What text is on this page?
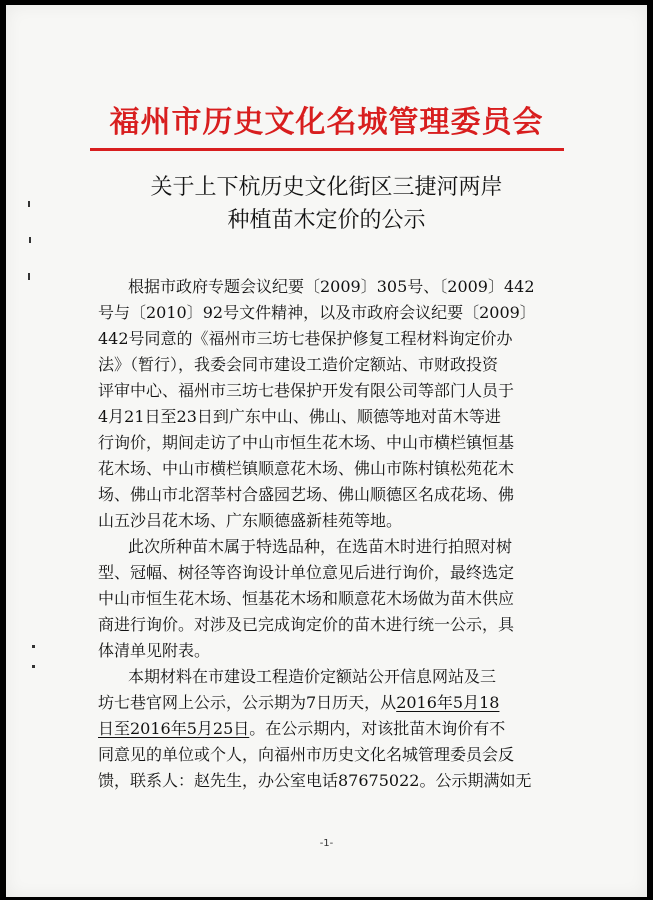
福州市历史文化名城管理委员会
关于上下杭历史文化街区三捷河两岸
种植苗木定价的公示
根据市政府专题会议纪要〔2009〕305号、〔2009〕442
号与〔2010〕92号文件精神，以及市政府会议纪要〔2009〕
442号同意的《福州市三坊七巷保护修复工程材料询定价办
法》（暂行），我委会同市建设工造价定额站、市财政投资
评审中心、福州市三坊七巷保护开发有限公司等部门人员于
4月21日至23日到广东中山、佛山、顺德等地对苗木等进
行询价，期间走访了中山市恒生花木场、中山市横栏镇恒基
花木场、中山市横栏镇顺意花木场、佛山市陈村镇松苑花木
场、佛山市北滘莘村合盛园艺场、佛山顺德区名成花场、佛
山五沙吕花木场、广东顺德盛新桂苑等地。
此次所种苗木属于特选品种，在选苗木时进行拍照对树
型、冠幅、树径等咨询设计单位意见后进行询价，最终选定
中山市恒生花木场、恒基花木场和顺意花木场做为苗木供应
商进行询价。对涉及已完成询定价的苗木进行统一公示，具
体清单见附表。
本期材料在市建设工程造价定额站公开信息网站及三
坊七巷官网上公示，公示期为7日历天，从2016年5月18
日至2016年5月25日。在公示期内，对该批苗木询价有不
同意见的单位或个人，向福州市历史文化名城管理委员会反
馈，联系人：赵先生，办公室电话87675022。公示期满如无
-1-
